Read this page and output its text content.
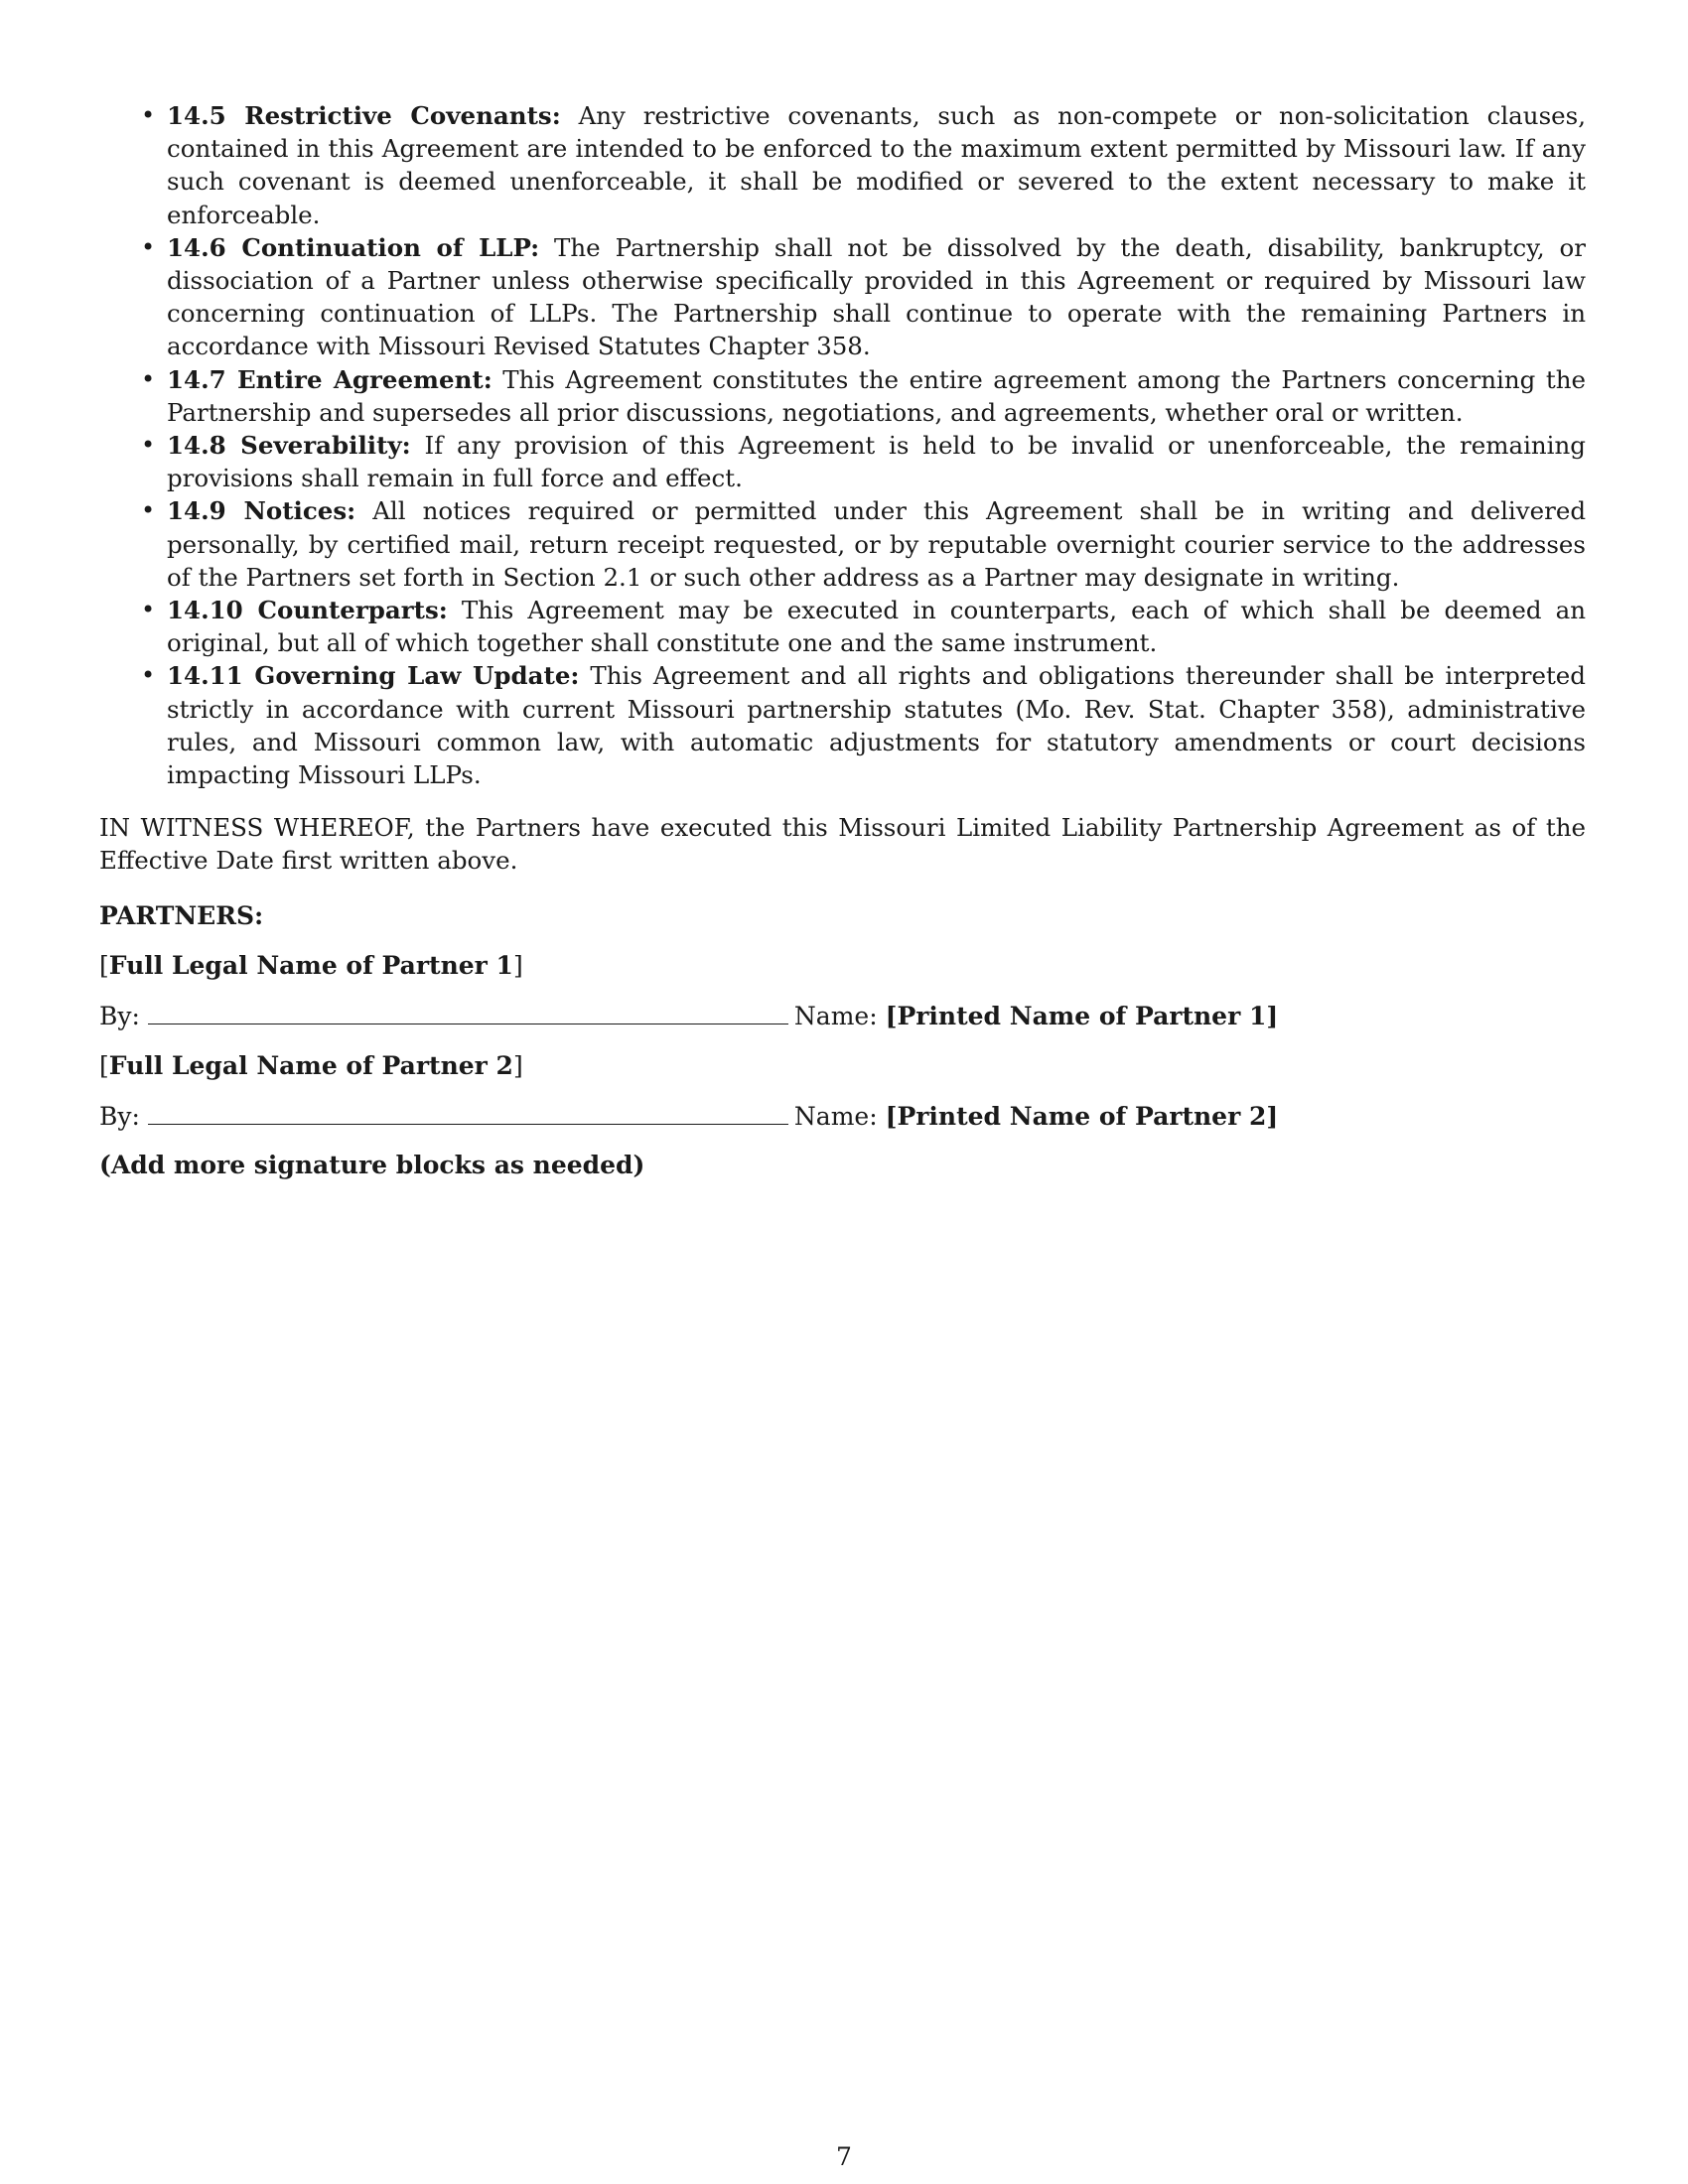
• 14.5 Restrictive Covenants: Any restrictive covenants, such as non-compete or non-solicitation clauses, contained in this Agreement are intended to be enforced to the maximum extent permitted by Missouri law. If any such covenant is deemed unenforceable, it shall be modified or severed to the extent necessary to make it enforceable.
• 14.6 Continuation of LLP: The Partnership shall not be dissolved by the death, disability, bankruptcy, or dissociation of a Partner unless otherwise specifically provided in this Agreement or required by Missouri law concerning continuation of LLPs. The Partnership shall continue to operate with the remaining Partners in accordance with Missouri Revised Statutes Chapter 358.
• 14.7 Entire Agreement: This Agreement constitutes the entire agreement among the Partners concerning the Partnership and supersedes all prior discussions, negotiations, and agreements, whether oral or written.
• 14.8 Severability: If any provision of this Agreement is held to be invalid or unenforceable, the remaining provisions shall remain in full force and effect.
• 14.9 Notices: All notices required or permitted under this Agreement shall be in writing and delivered personally, by certified mail, return receipt requested, or by reputable overnight courier service to the addresses of the Partners set forth in Section 2.1 or such other address as a Partner may designate in writing.
• 14.10 Counterparts: This Agreement may be executed in counterparts, each of which shall be deemed an original, but all of which together shall constitute one and the same instrument.
• 14.11 Governing Law Update: This Agreement and all rights and obligations thereunder shall be interpreted strictly in accordance with current Missouri partnership statutes (Mo. Rev. Stat. Chapter 358), administrative rules, and Missouri common law, with automatic adjustments for statutory amendments or court decisions impacting Missouri LLPs.

IN WITNESS WHEREOF, the Partners have executed this Missouri Limited Liability Partnership Agreement as of the Effective Date first written above.

PARTNERS:
[Full Legal Name of Partner 1]
By:	Name: [Printed Name of Partner 1]
[Full Legal Name of Partner 2]
By:	Name: [Printed Name of Partner 2]
(Add more signature blocks as needed)
7
